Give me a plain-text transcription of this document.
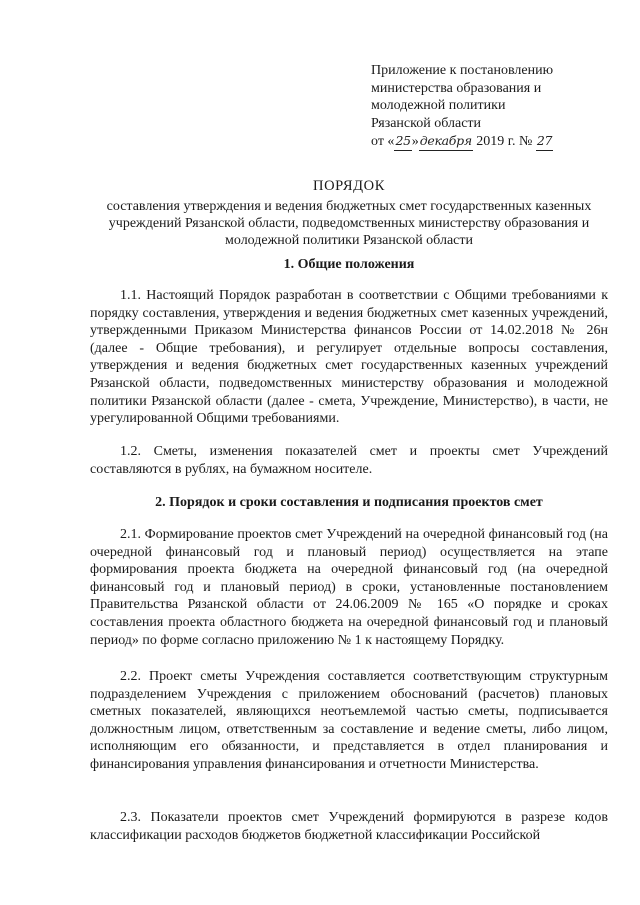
Приложение к постановлению
министерства образования и
молодежной политики
Рязанской области
от «25»декабря 2019 г. № 27
ПОРЯДОК
составления утверждения и ведения бюджетных смет государственных казенных учреждений Рязанской области, подведомственных министерству образования и молодежной политики Рязанской области
1. Общие положения

1.1. Настоящий Порядок разработан в соответствии с Общими требованиями к порядку составления, утверждения и ведения бюджетных смет казенных учреждений, утвержденными Приказом Министерства финансов России от 14.02.2018 № 26н (далее - Общие требования), и регулирует отдельные вопросы составления, утверждения и ведения бюджетных смет государственных казенных учреждений Рязанской области, подведомственных министерству образования и молодежной политики Рязанской области (далее - смета, Учреждение, Министерство), в части, не урегулированной Общими требованиями.

1.2. Сметы, изменения показателей смет и проекты смет Учреждений составляются в рублях, на бумажном носителе.

2. Порядок и сроки составления и подписания проектов смет

2.1. Формирование проектов смет Учреждений на очередной финансовый год (на очередной финансовый год и плановый период) осуществляется на этапе формирования проекта бюджета на очередной финансовый год (на очередной финансовый год и плановый период) в сроки, установленные постановлением Правительства Рязанской области от 24.06.2009 № 165 «О порядке и сроках составления проекта областного бюджета на очередной финансовый год и плановый период» по форме согласно приложению № 1 к настоящему Порядку.

2.2. Проект сметы Учреждения составляется соответствующим структурным подразделением Учреждения с приложением обоснований (расчетов) плановых сметных показателей, являющихся неотъемлемой частью сметы, подписывается должностным лицом, ответственным за составление и ведение сметы, либо лицом, исполняющим его обязанности, и представляется в отдел планирования и финансирования управления финансирования и отчетности Министерства.

2.3. Показатели проектов смет Учреждений формируются в разрезе кодов классификации расходов бюджетов бюджетной классификации Российской
